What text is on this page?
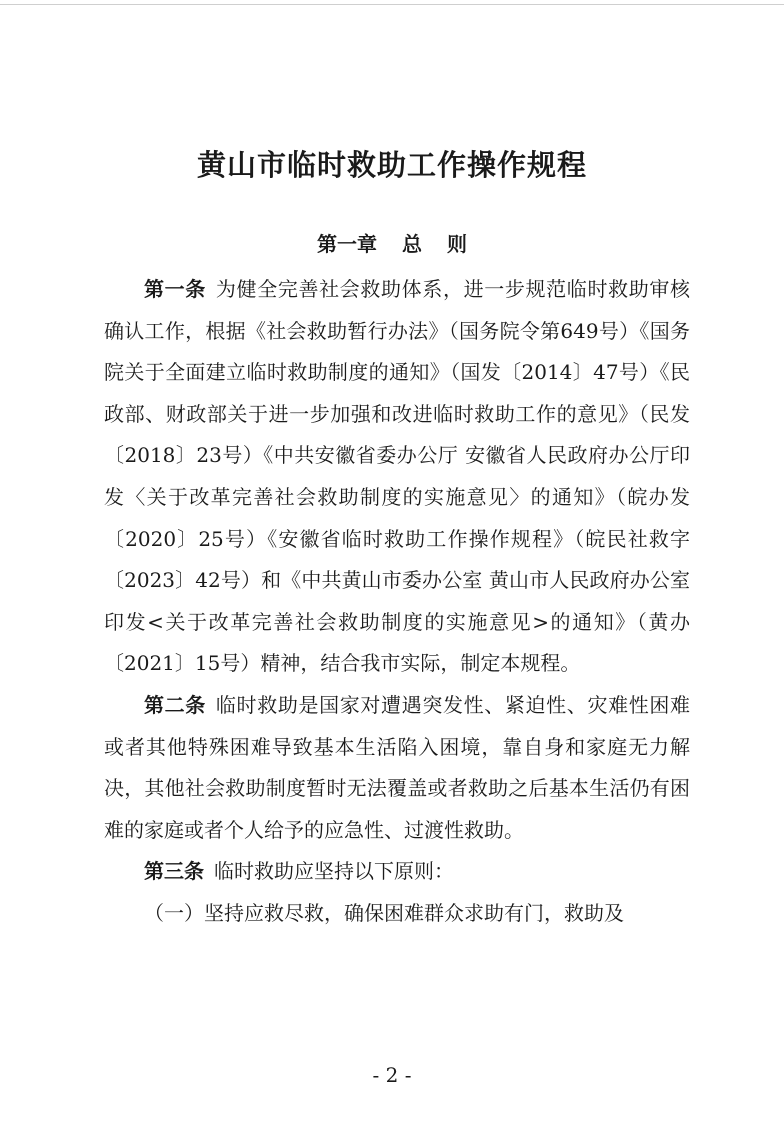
黄山市临时救助工作操作规程
第一章 总 则

第一条 为健全完善社会救助体系，进一步规范临时救助审核确认工作，根据《社会救助暂行办法》（国务院令第649号）《国务院关于全面建立临时救助制度的通知》（国发〔2014〕47号）《民政部、财政部关于进一步加强和改进临时救助工作的意见》（民发〔2018〕23号）《中共安徽省委办公厅 安徽省人民政府办公厅印发〈关于改革完善社会救助制度的实施意见〉的通知》（皖办发〔2020〕25号）《安徽省临时救助工作操作规程》（皖民社救字〔2023〕42号）和《中共黄山市委办公室 黄山市人民政府办公室印发<关于改革完善社会救助制度的实施意见>的通知》（黄办〔2021〕15号）精神，结合我市实际，制定本规程。

第二条 临时救助是国家对遭遇突发性、紧迫性、灾难性困难或者其他特殊困难导致基本生活陷入困境，靠自身和家庭无力解决，其他社会救助制度暂时无法覆盖或者救助之后基本生活仍有困难的家庭或者个人给予的应急性、过渡性救助。

第三条 临时救助应坚持以下原则：

（一）坚持应救尽救，确保困难群众求助有门，救助及

- 2 -
